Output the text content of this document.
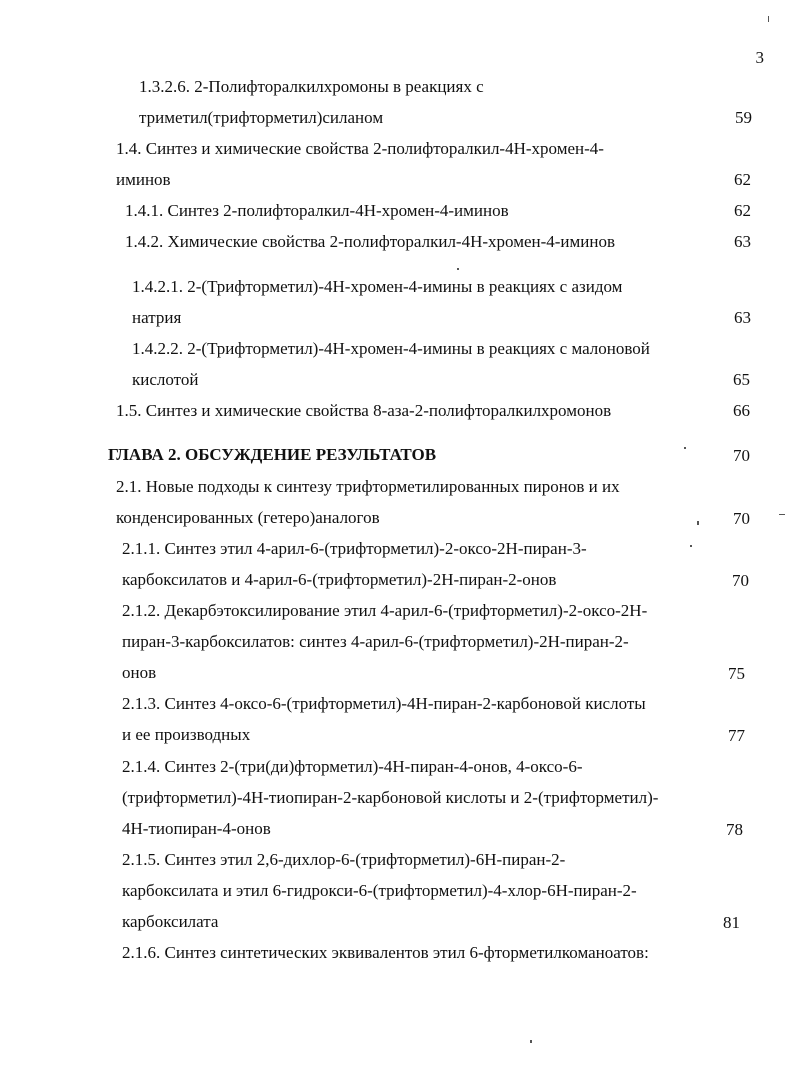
3
1.3.2.6. 2-Полифторалкилхромоны в реакциях с
триметил(трифторметил)силаном	59
1.4. Синтез и химические свойства 2-полифторалкил-4H-хромен-4-
иминов	62
1.4.1. Синтез 2-полифторалкил-4H-хромен-4-иминов	62
1.4.2. Химические свойства 2-полифторалкил-4H-хромен-4-иминов	63
1.4.2.1. 2-(Трифторметил)-4H-хромен-4-имины в реакциях с азидом
натрия	63
1.4.2.2. 2-(Трифторметил)-4H-хромен-4-имины в реакциях с малоновой
кислотой	65
1.5. Синтез и химические свойства 8-аза-2-полифторалкилхромонов	66
ГЛАВА 2. ОБСУЖДЕНИЕ РЕЗУЛЬТАТОВ	70
2.1. Новые подходы к синтезу трифторметилированных пиронов и их
конденсированных (гетеро)аналогов	70
2.1.1. Синтез этил 4-арил-6-(трифторметил)-2-оксо-2H-пиран-3-
карбоксилатов и 4-арил-6-(трифторметил)-2H-пиран-2-онов	70
2.1.2. Декарбэтоксилирование этил 4-арил-6-(трифторметил)-2-оксо-2H-
пиран-3-карбоксилатов: синтез 4-арил-6-(трифторметил)-2H-пиран-2-
онов	75
2.1.3. Синтез 4-оксо-6-(трифторметил)-4H-пиран-2-карбоновой кислоты
и ее производных	77
2.1.4. Синтез 2-(три(ди)фторметил)-4H-пиран-4-онов, 4-оксо-6-
(трифторметил)-4H-тиопиран-2-карбоновой кислоты и 2-(трифторметил)-
4H-тиопиран-4-онов	78
2.1.5. Синтез этил 2,6-дихлор-6-(трифторметил)-6H-пиран-2-
карбоксилата и этил 6-гидрокси-6-(трифторметил)-4-хлор-6H-пиран-2-
карбоксилата	81
2.1.6. Синтез синтетических эквивалентов этил 6-фторметилкоманоатов:
